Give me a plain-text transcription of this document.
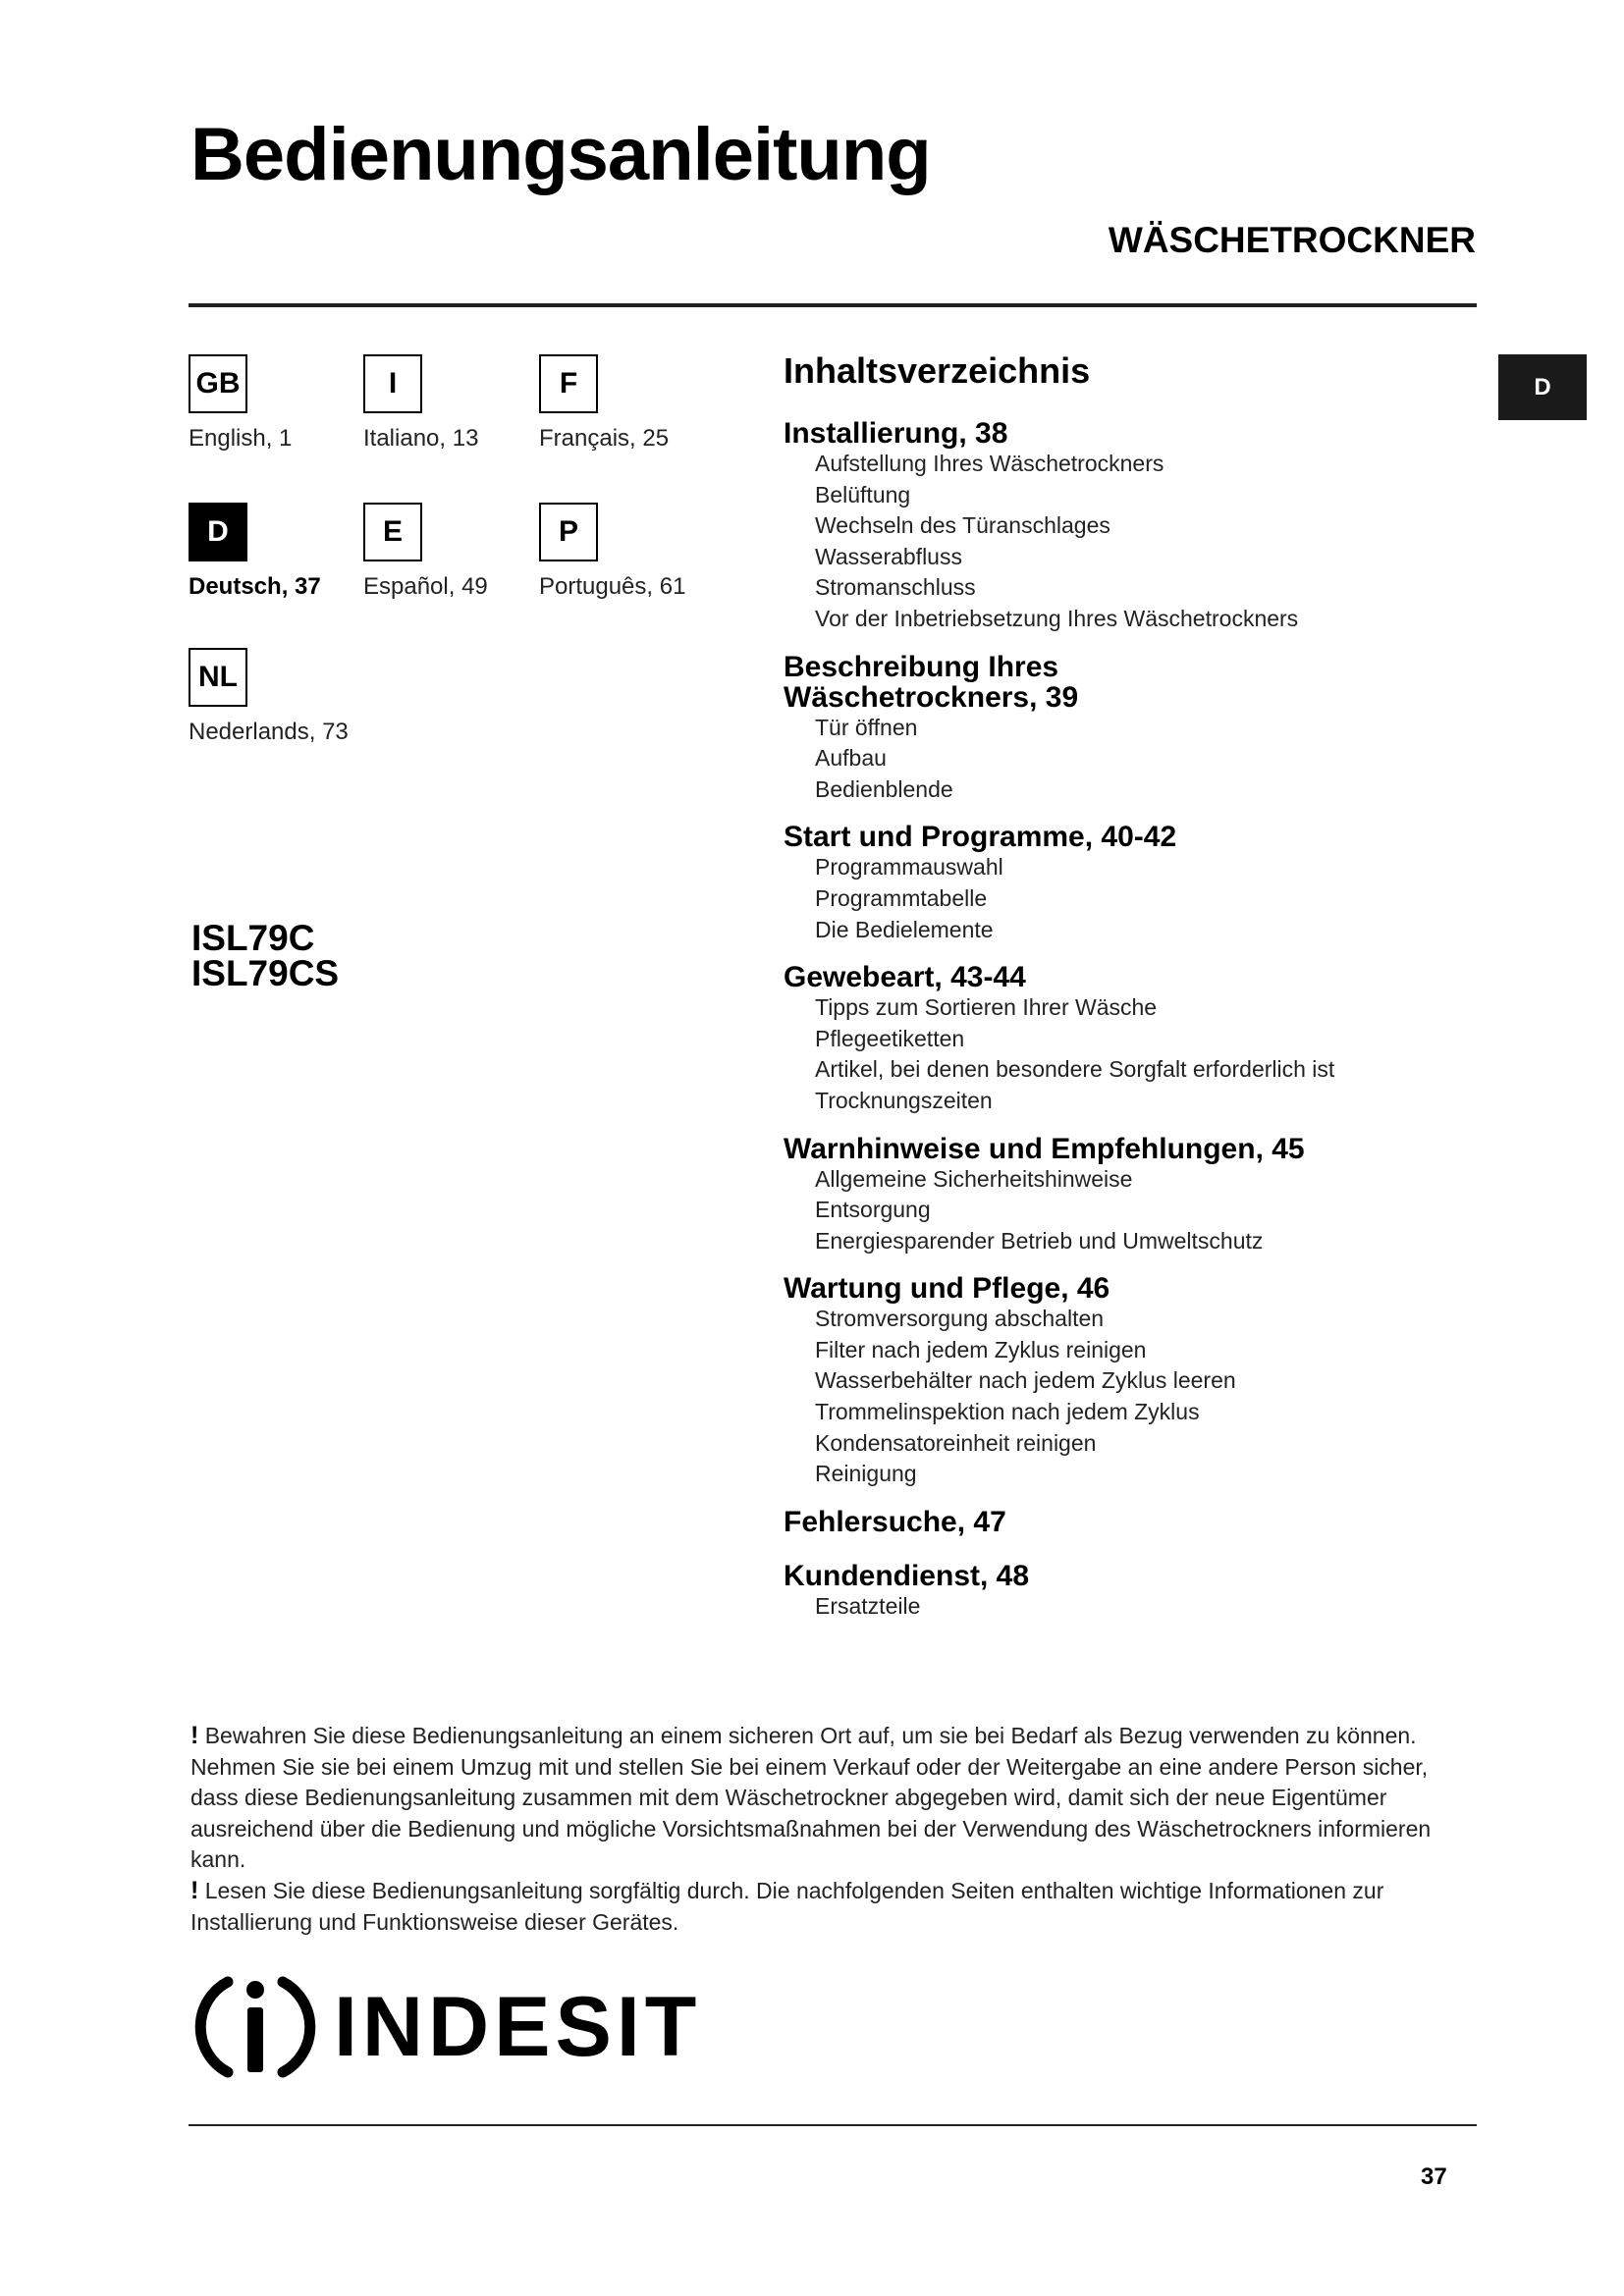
Bedienungsanleitung
WÄSCHETROCKNER
D
GB
English, 1
I
Italiano, 13
F
Français, 25
D
Deutsch, 37
E
Español, 49
P
Português, 61
NL
Nederlands, 73
ISL79C
ISL79CS
Inhaltsverzeichnis
Installierung, 38
Aufstellung Ihres Wäschetrockners
Belüftung
Wechseln des Türanschlages
Wasserabfluss
Stromanschluss
Vor der Inbetriebsetzung Ihres Wäschetrockners
Beschreibung Ihres
Wäschetrockners, 39
Tür öffnen
Aufbau
Bedienblende
Start und Programme, 40-42
Programmauswahl
Programmtabelle
Die Bedielemente
Gewebeart, 43-44
Tipps zum Sortieren Ihrer Wäsche
Pflegeetiketten
Artikel, bei denen besondere Sorgfalt erforderlich ist
Trocknungszeiten
Warnhinweise und Empfehlungen, 45
Allgemeine Sicherheitshinweise
Entsorgung
Energiesparender Betrieb und Umweltschutz
Wartung und Pflege, 46
Stromversorgung abschalten
Filter nach jedem Zyklus reinigen
Wasserbehälter nach jedem Zyklus leeren
Trommelinspektion nach jedem Zyklus
Kondensatoreinheit reinigen
Reinigung
Fehlersuche, 47
Kundendienst, 48
Ersatzteile

! Bewahren Sie diese Bedienungsanleitung an einem sicheren Ort auf, um sie bei Bedarf als Bezug verwenden zu können. Nehmen Sie sie bei einem Umzug mit und stellen Sie bei einem Verkauf oder der Weitergabe an eine andere Person sicher, dass diese Bedienungsanleitung zusammen mit dem Wäschetrockner abgegeben wird, damit sich der neue Eigentümer ausreichend über die Bedienung und mögliche Vorsichtsmaßnahmen bei der Verwendung des Wäschetrockners informieren kann.

! Lesen Sie diese Bedienungsanleitung sorgfältig durch. Die nachfolgenden Seiten enthalten wichtige Informationen zur Installierung und Funktionsweise dieser Gerätes.

INDESIT
37
